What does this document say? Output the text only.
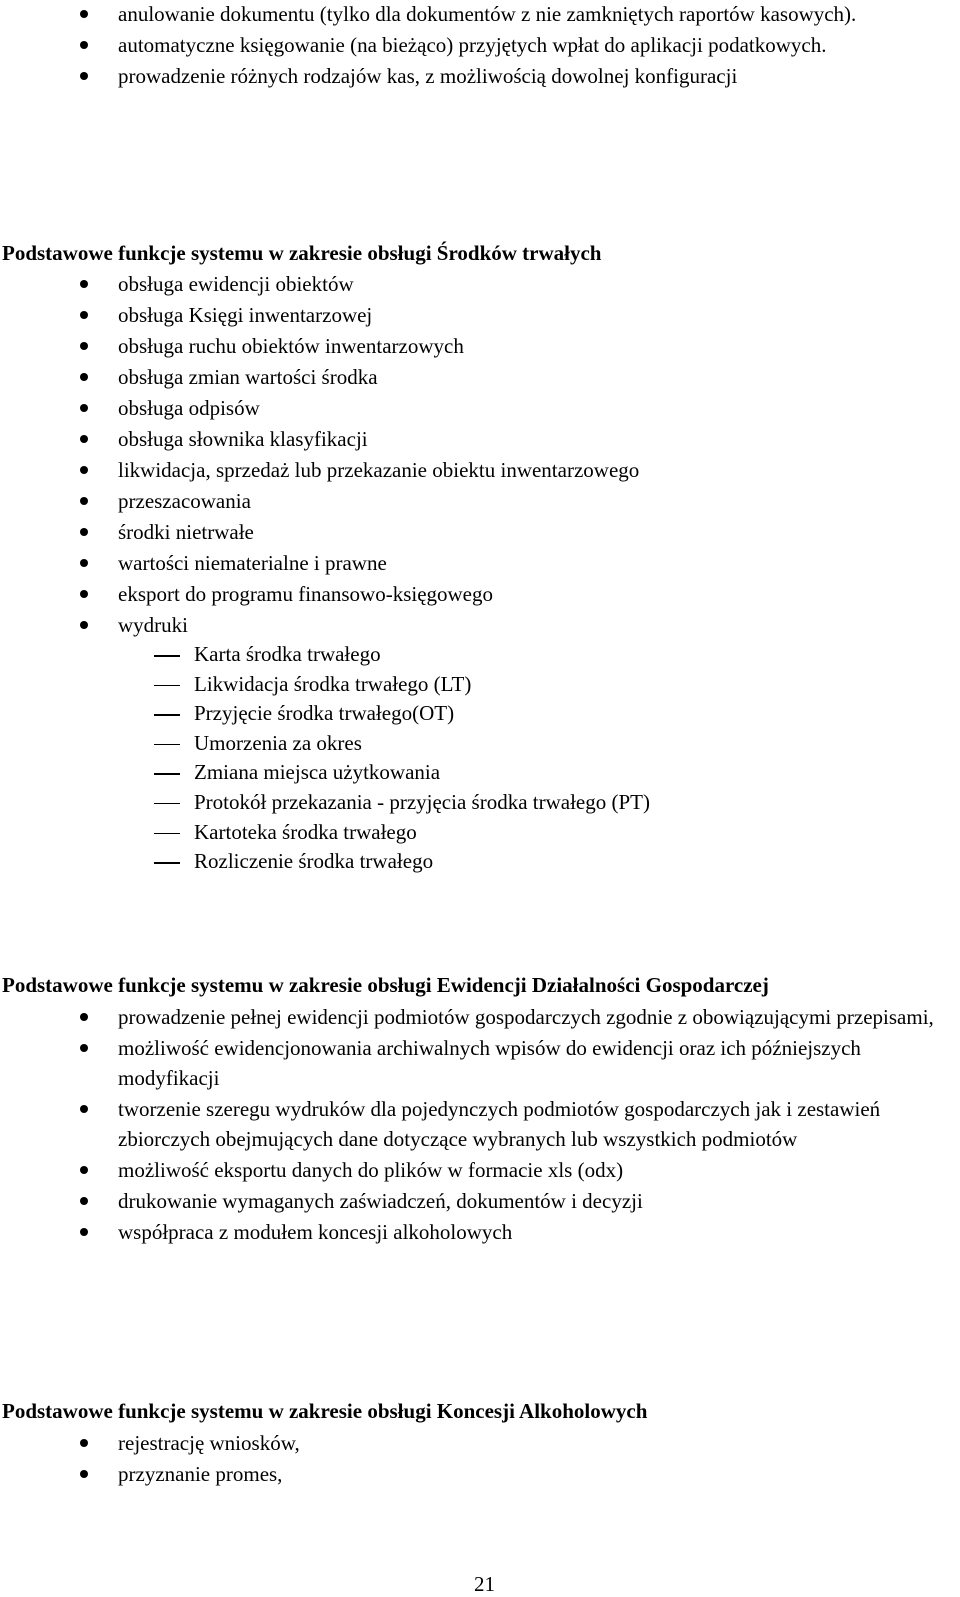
anulowanie dokumentu (tylko dla dokumentów z nie zamkniętych raportów kasowych).
automatyczne księgowanie (na bieżąco) przyjętych wpłat do aplikacji podatkowych.
prowadzenie różnych rodzajów kas, z możliwością dowolnej konfiguracji
Podstawowe funkcje systemu w zakresie obsługi Środków trwałych
obsługa ewidencji obiektów
obsługa Księgi inwentarzowej
obsługa ruchu obiektów inwentarzowych
obsługa zmian wartości środka
obsługa odpisów
obsługa słownika klasyfikacji
likwidacja, sprzedaż lub przekazanie obiektu inwentarzowego
przeszacowania
środki nietrwałe
wartości niematerialne i prawne
eksport do programu finansowo-księgowego
wydruki
Karta środka trwałego
Likwidacja środka trwałego (LT)
Przyjęcie środka trwałego(OT)
Umorzenia za okres
Zmiana miejsca użytkowania
Protokół przekazania - przyjęcia środka trwałego (PT)
Kartoteka środka trwałego
Rozliczenie środka trwałego
Podstawowe funkcje systemu w zakresie obsługi Ewidencji Działalności Gospodarczej
prowadzenie pełnej ewidencji podmiotów gospodarczych zgodnie z obowiązującymi przepisami,
możliwość ewidencjonowania archiwalnych wpisów do ewidencji oraz ich późniejszych modyfikacji
tworzenie szeregu wydruków dla pojedynczych podmiotów gospodarczych jak i zestawień zbiorczych obejmujących dane dotyczące wybranych lub wszystkich podmiotów
możliwość eksportu danych do plików w formacie xls (odx)
drukowanie wymaganych zaświadczeń, dokumentów i decyzji
współpraca z modułem koncesji alkoholowych
Podstawowe funkcje systemu w zakresie obsługi Koncesji Alkoholowych
rejestrację wniosków,
przyznanie promes,
21
